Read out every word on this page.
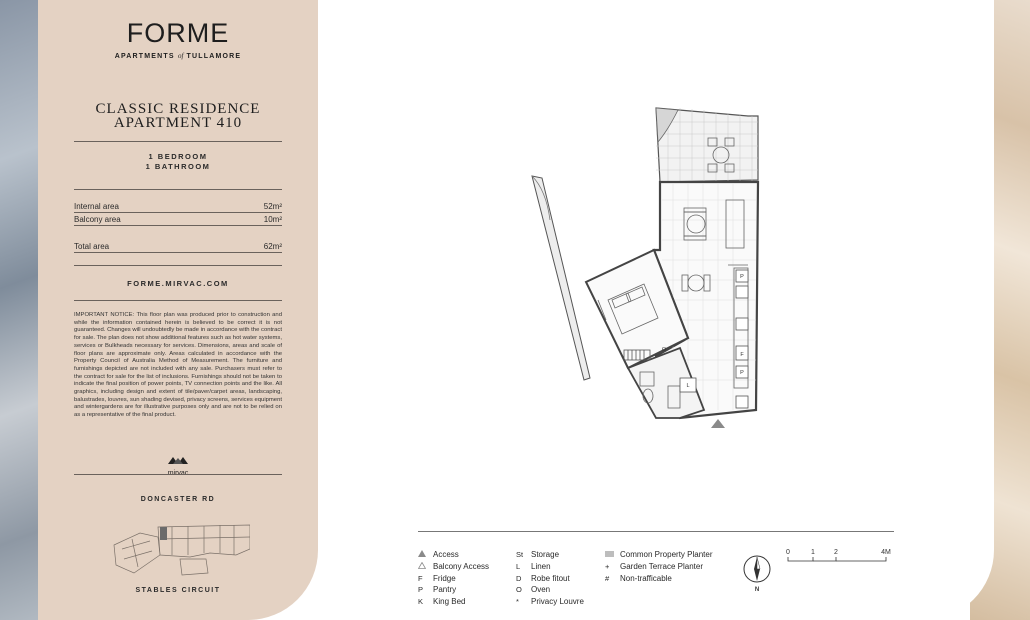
FORME
APARTMENTS of TULLAMORE
CLASSIC RESIDENCE
APARTMENT 410
1 BEDROOM
1 BATHROOM
Internal area	52m²
Balcony area	10m²
Total area	62m²
FORME.MIRVAC.COM
IMPORTANT NOTICE: This floor plan was produced prior to construction and while the information contained herein is believed to be correct it is not guaranteed. Changes will undoubtedly be made in accordance with the contract for sale. The plan does not show additional features such as hot water systems, services or Bulkheads necessary for services. Dimensions, areas and scale of floor plans are approximate only. Areas calculated in accordance with the Property Council of Australia Method of Measurement. The furniture and furnishings depicted are not included with any sale. Purchasers must refer to the contract for sale for the list of inclusions. Furnishings should not be taken to indicate the final position of power points, TV connection points and the like. All graphics, including design and extent of tile/paver/carpet areas, landscaping, balustrades, louvres, sun shading devised, privacy screens, services equipment and wintergardens are for illustrative purposes only and are not to be relied on as a representative of the final product.
mirvac
DONCASTER RD
STABLES CIRCUIT
P
F
P
L
O
Access
Balcony Access
F	Fridge
P	Pantry
K	King Bed
St Storage
L	Linen
D	Robe fitout
O	Oven
*	Privacy Louvre
Common Property Planter
+	Garden Terrace Planter
#	Non-trafficable
N
0	1	2	4M
